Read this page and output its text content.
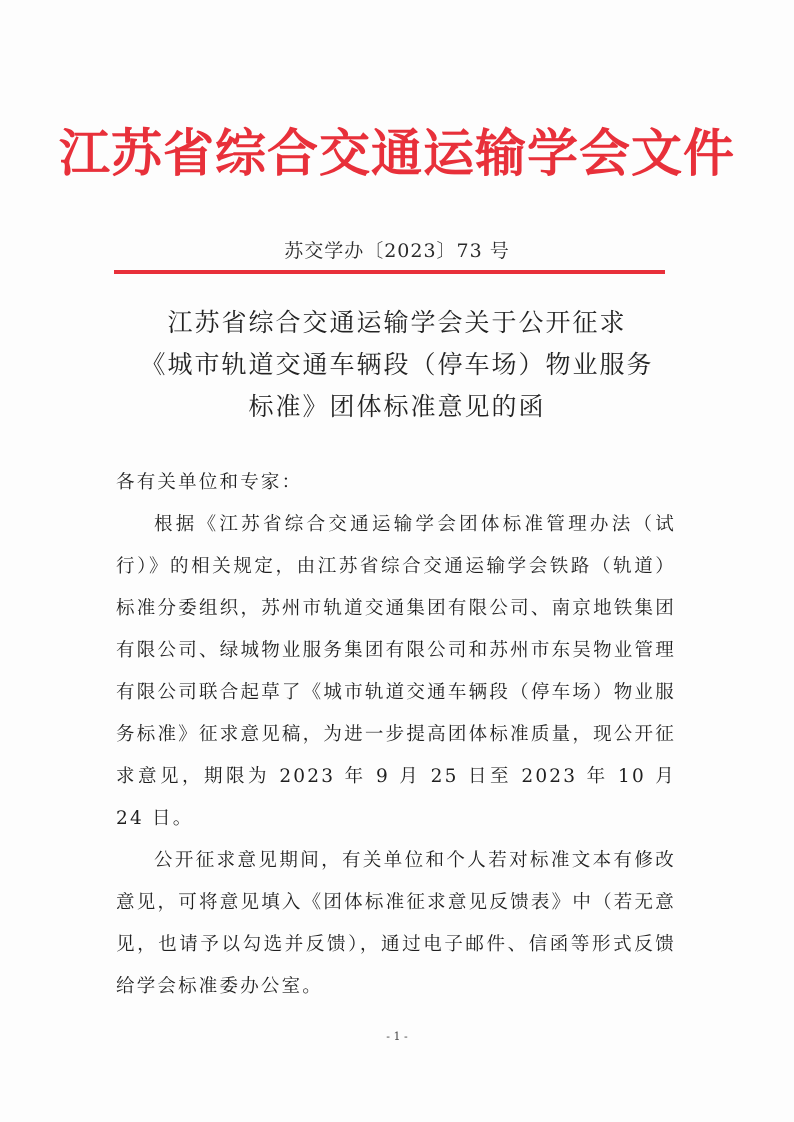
江苏省综合交通运输学会文件
苏交学办〔2023〕73 号
江苏省综合交通运输学会关于公开征求
《城市轨道交通车辆段（停车场）物业服务
标准》团体标准意见的函

各有关单位和专家：

根据《江苏省综合交通运输学会团体标准管理办法（试行）》的相关规定，由江苏省综合交通运输学会铁路（轨道）标准分委组织，苏州市轨道交通集团有限公司、南京地铁集团有限公司、绿城物业服务集团有限公司和苏州市东吴物业管理有限公司联合起草了《城市轨道交通车辆段（停车场）物业服务标准》征求意见稿，为进一步提高团体标准质量，现公开征求意见，期限为 2023 年 9 月 25 日至 2023 年 10 月 24 日。

公开征求意见期间，有关单位和个人若对标准文本有修改意见，可将意见填入《团体标准征求意见反馈表》中（若无意见，也请予以勾选并反馈），通过电子邮件、信函等形式反馈给学会标准委办公室。

- 1 -
